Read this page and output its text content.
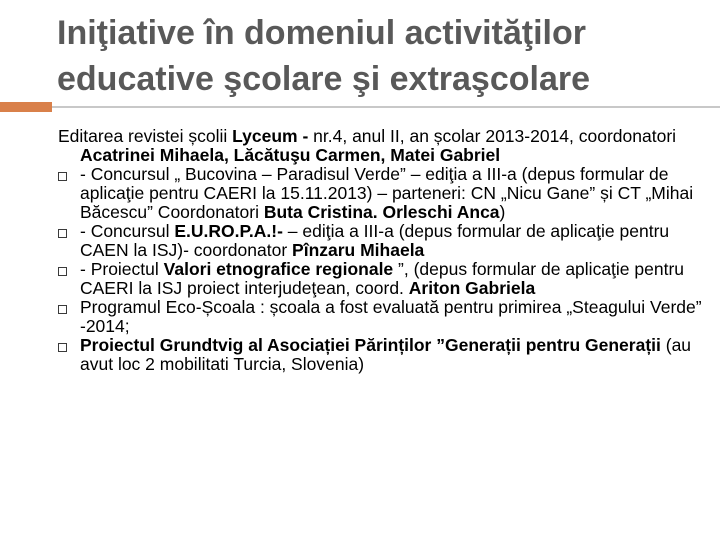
Iniţiative în domeniul activităţilor educative şcolare şi extraşcolare

Editarea revistei școlii Lyceum - nr.4, anul II, an școlar 2013-2014, coordonatori Acatrinei Mihaela, Lăcătuşu Carmen, Matei Gabriel

- Concursul „ Bucovina – Paradisul Verde” – ediţia a III-a (depus formular de aplicaţie pentru CAERI la 15.11.2013) – parteneri: CN „Nicu Gane” și CT „Mihai Băcescu” Coordonatori Buta Cristina. Orleschi Anca)
- Concursul E.U.RO.P.A.!- – ediţia a III-a (depus formular de aplicaţie pentru CAEN la ISJ)- coordonator Pînzaru Mihaela
- Proiectul Valori etnografice regionale ”, (depus formular de aplicaţie pentru CAERI la ISJ proiect interjudeţean, coord. Ariton Gabriela
Programul Eco-Școala : școala a fost evaluată pentru primirea „Steagului Verde” -2014;
Proiectul Grundtvig al Asociației Părinților ”Generații pentru Generații (au avut loc 2 mobilitati Turcia, Slovenia)
